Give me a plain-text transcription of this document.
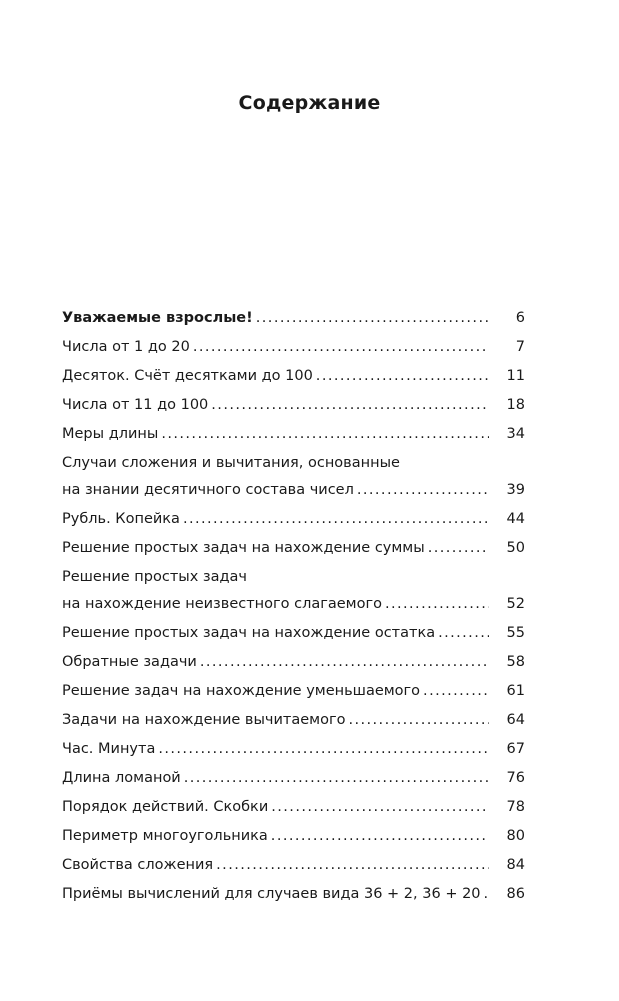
Содержание
Уважаемые взрослые! . . .	6
Числа от 1 до 20 . . .	7
Десяток. Счёт десятками до 100 . . .	11
Числа от 11 до 100 . . .	18
Меры длины . . .	34
Случаи сложения и вычитания, основанные
на знании десятичного состава чисел . . .	39
Рубль. Копейка . . .	44
Решение простых задач на нахождение суммы . . .	50
Решение простых задач
на нахождение неизвестного слагаемого . . .	52
Решение простых задач на нахождение остатка . . .	55
Обратные задачи . . .	58
Решение задач на нахождение уменьшаемого . . .	61
Задачи на нахождение вычитаемого . . .	64
Час. Минута . . .	67
Длина ломаной . . .	76
Порядок действий. Скобки . . .	78
Периметр многоугольника . . .	80
Свойства сложения . . .	84
Приёмы вычислений для случаев вида 36 + 2, 36 + 20 . . . 86
